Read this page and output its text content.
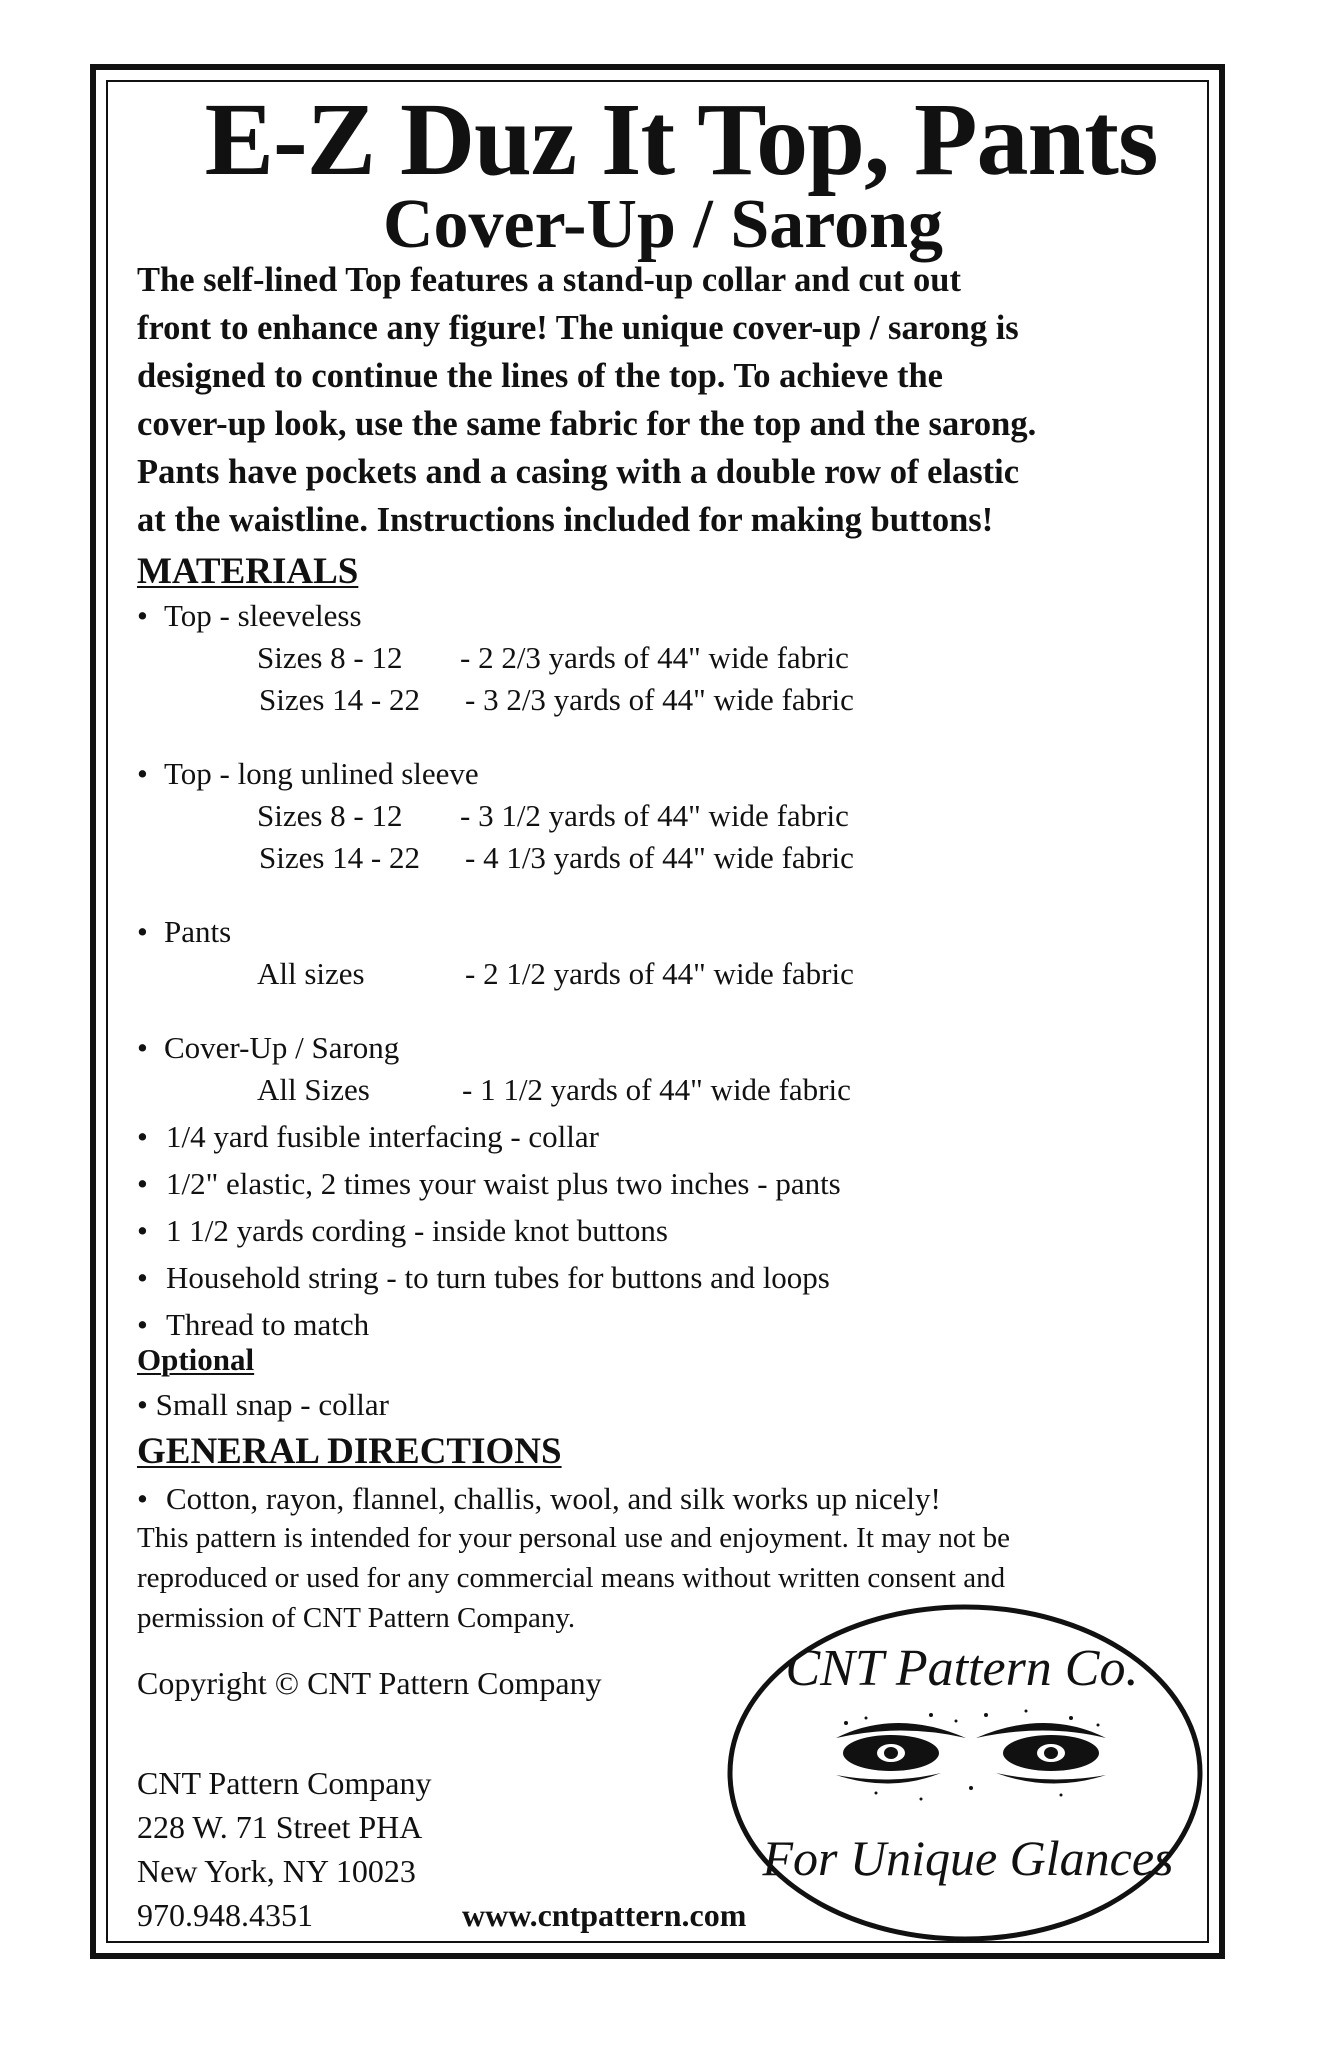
E-Z Duz It Top, Pants
Cover-Up / Sarong
The self-lined Top features a stand-up collar and cut out
front to enhance any figure! The unique cover-up / sarong is
designed to continue the lines of the top. To achieve the
cover-up look, use the same fabric for the top and the sarong.
Pants have pockets and a casing with a double row of elastic
at the waistline. Instructions included for making buttons!
MATERIALS
• Top - sleeveless
Sizes 8 - 12 - 2 2/3 yards of 44" wide fabric
Sizes 14 - 22 - 3 2/3 yards of 44" wide fabric
• Top - long unlined sleeve
Sizes 8 - 12 - 3 1/2 yards of 44" wide fabric
Sizes 14 - 22 - 4 1/3 yards of 44" wide fabric
• Pants
All sizes	- 2 1/2 yards of 44" wide fabric
• Cover-Up / Sarong
All Sizes	- 1 1/2 yards of 44" wide fabric
• 1/4 yard fusible interfacing - collar
• 1/2" elastic, 2 times your waist plus two inches - pants
• 1 1/2 yards cording - inside knot buttons
• Household string - to turn tubes for buttons and loops
• Thread to match
Optional
• Small snap - collar
GENERAL DIRECTIONS
• Cotton, rayon, flannel, challis, wool, and silk works up nicely!
This pattern is intended for your personal use and enjoyment. It may not be
reproduced or used for any commercial means without written consent and
permission of CNT Pattern Company.
Copyright © CNT Pattern Company
CNT Pattern Company
228 W. 71 Street PHA
New York, NY 10023
970.948.4351	www.cntpattern.com
CNT Pattern Co.
For Unique Glances
